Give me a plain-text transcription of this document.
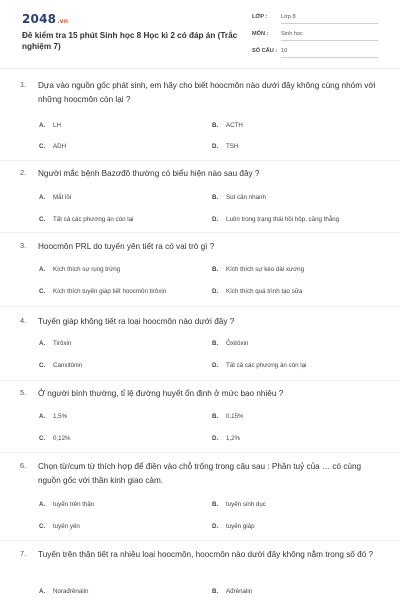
2048.vn
Đề kiểm tra 15 phút Sinh học 8 Học kì 2 có đáp án (Trắc nghiệm 7)
LỚP : Lớp 8
MÔN : Sinh học
SỐ CÂU : 10
1. Dựa vào nguồn gốc phát sinh, em hãy cho biết hoocmôn nào dưới đây không cùng nhóm với những hoocmôn còn lại ?
A. LH	B. ACTH
C. ADH	D. TSH
2. Người mắc bệnh Bazơđô thường có biểu hiện nào sau đây ?
A. Mắt lồi	B. Sút cân nhanh
C. Tất cả các phương án còn lại	D. Luôn trong trạng thái hồi hộp, căng thẳng
3. Hoocmôn PRL do tuyến yên tiết ra có vai trò gì ?
A. Kích thích sự rụng trứng	B. Kích thích sự kéo dài xương
C. Kích thích tuyến giáp tiết hoocmôn tirôxin	D. Kích thích quá trình tạo sữa
4. Tuyến giáp không tiết ra loại hoocmôn nào dưới đây ?
A. Tirôxin	B. Ôxitôxin
C. Canxitônin	D. Tất cả các phương án còn lại
5. Ở người bình thường, tỉ lệ đường huyết ổn định ở mức bao nhiêu ?
A. 1,5%	B. 0,15%
C. 0,12%	D. 1,2%
6. Chọn từ/cụm từ thích hợp để điền vào chỗ trống trong câu sau : Phần tuỷ của … có cùng nguồn gốc với thần kinh giao cảm.
A. tuyến trên thận	B. tuyến sinh dục
C. tuyến yên	D. tuyến giáp
7. Tuyến trên thận tiết ra nhiều loại hoocmôn, hoocmôn nào dưới đây không nằm trong số đó ?
A. Norađrênalin	B. Ađrênalin
